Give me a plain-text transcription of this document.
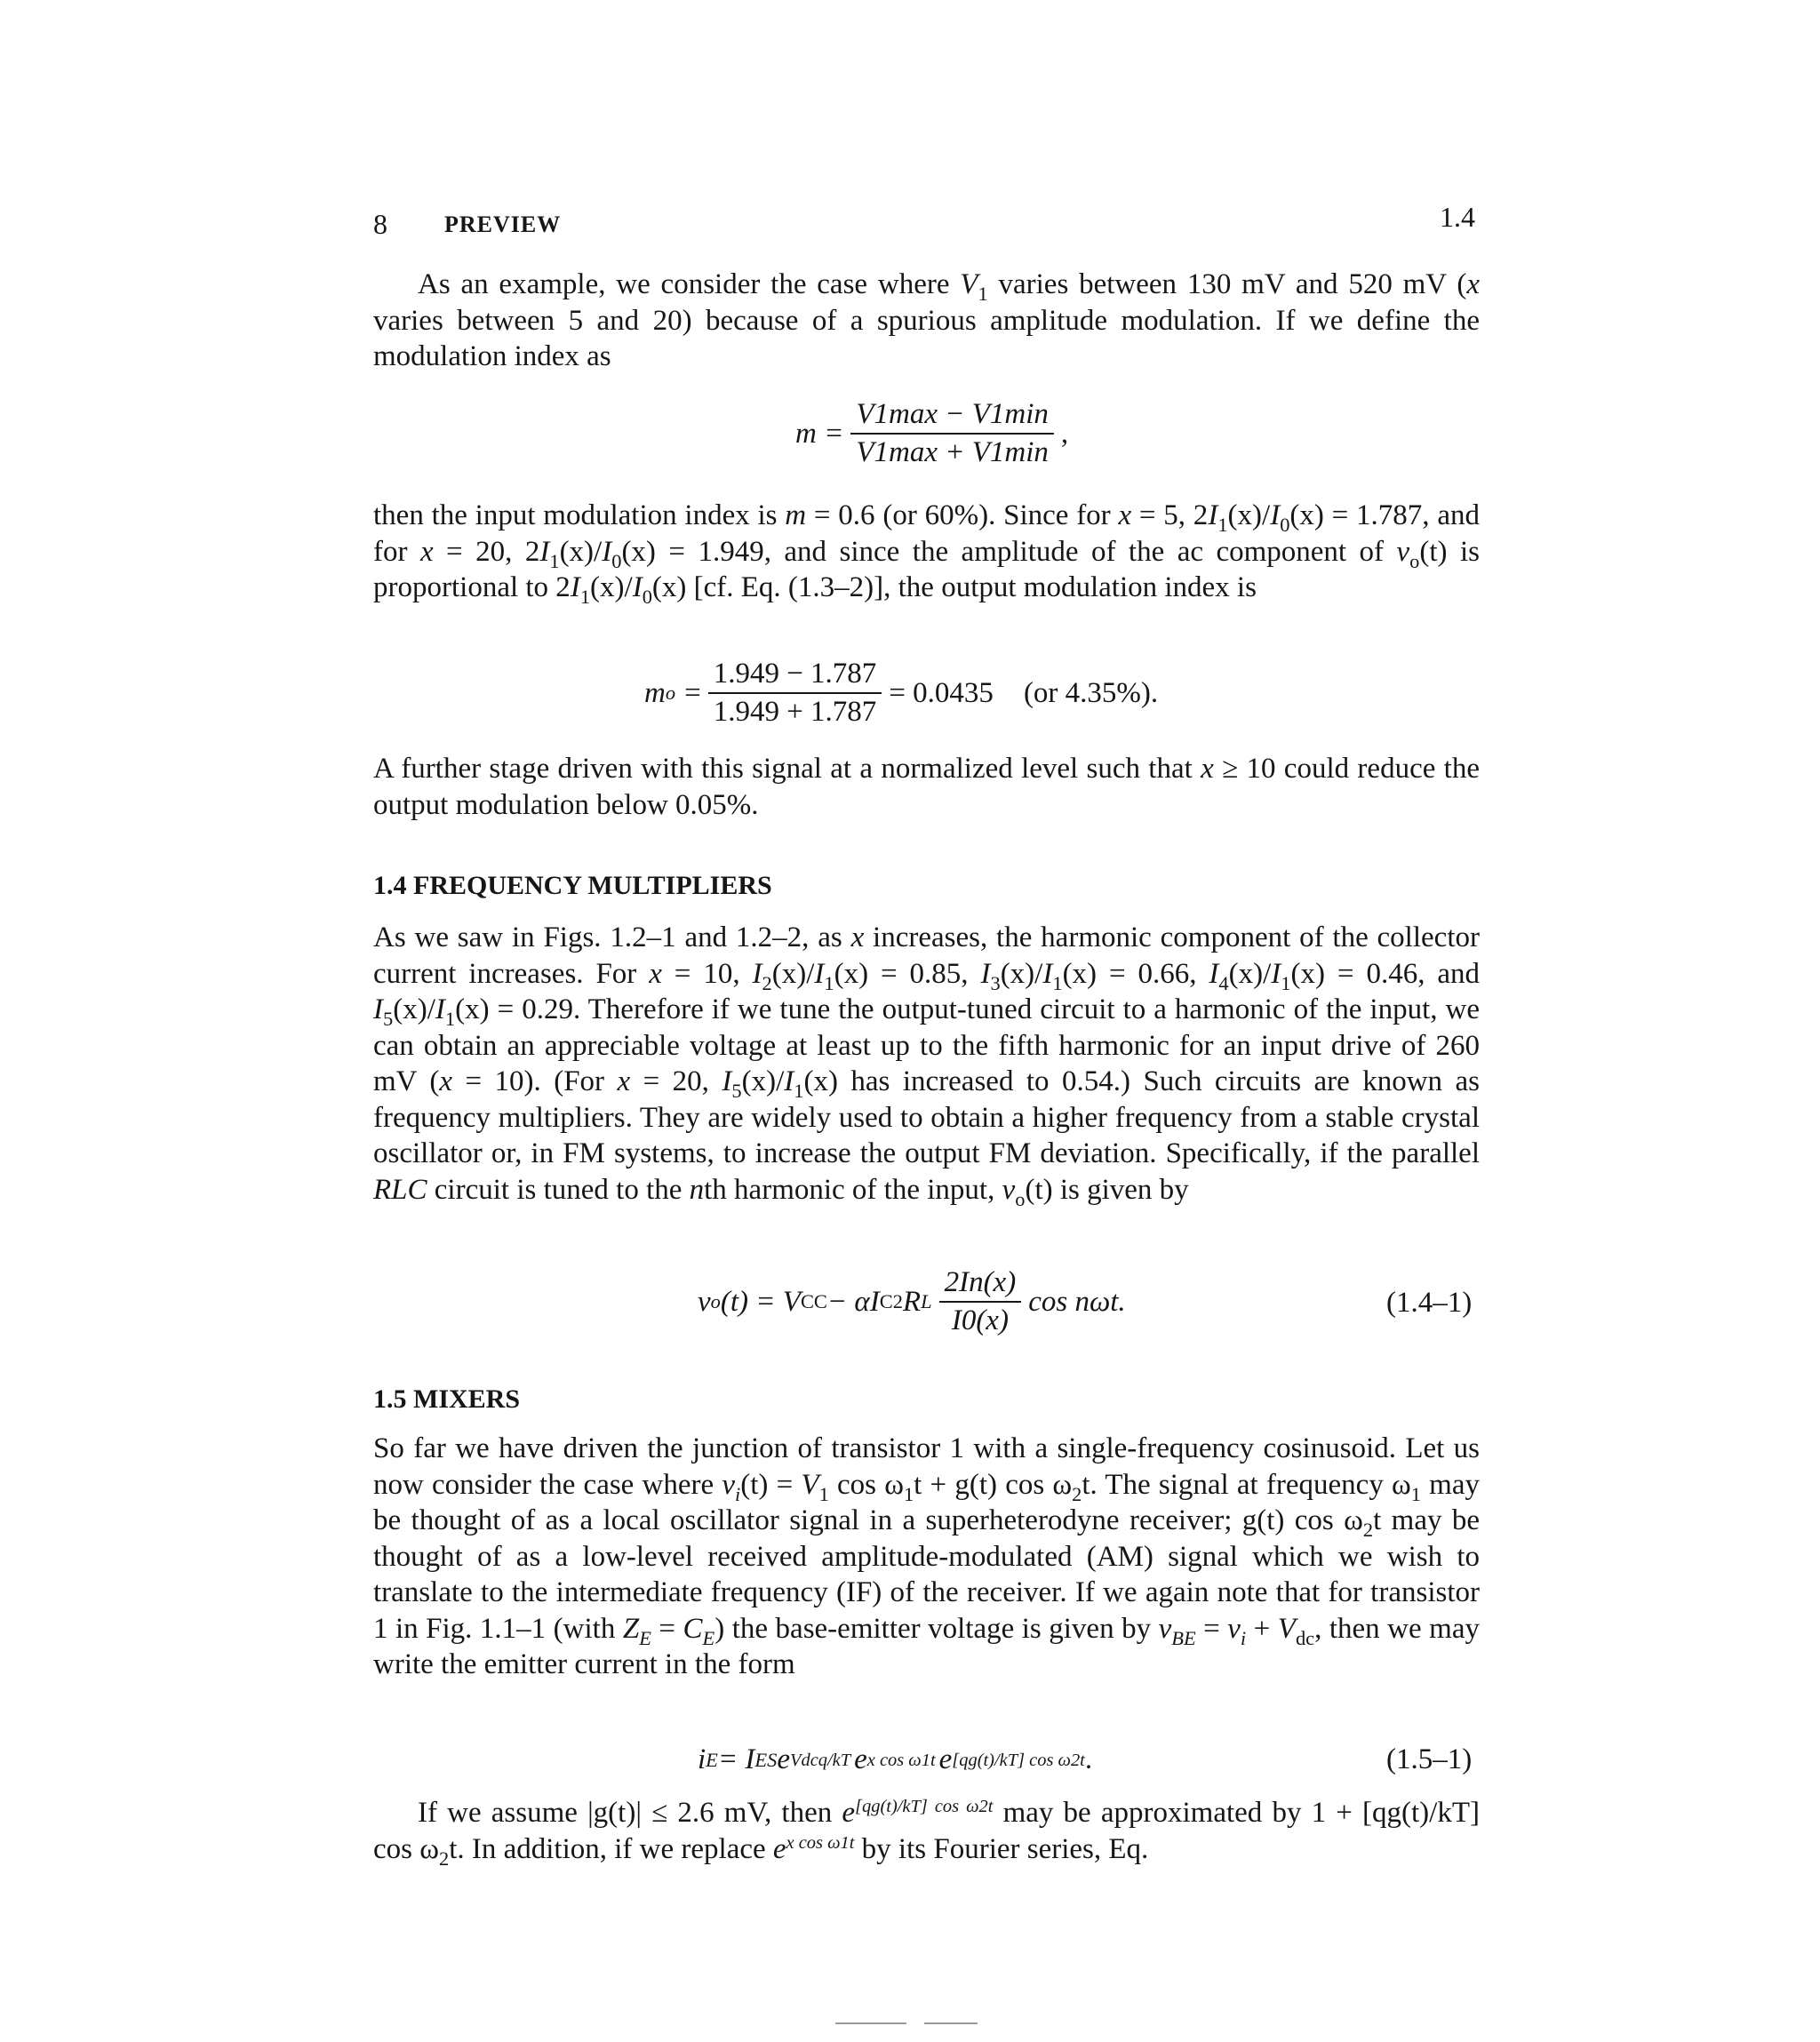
8 PREVIEW	1.4

As an example, we consider the case where $V_1$ varies between 130 mV and 520 mV (x varies between 5 and 20) because of a spurious amplitude modulation. If we define the modulation index as

$m = \frac{V1\max - V1\min}{V1\max + V1\min}$ ,

then the input modulation index is m = 0.6 (or 60%). Since for x = 5, $2I_1(x)/I_0(x) = 1.787$, and for x = 20, $2I_1(x)/I_0(x) = 1.949$, and since the amplitude of the ac component of $v_o(t)$ is proportional to $2I_1(x)/I_0(x)$ [cf. Eq. (1.3–2)], the output modulation index is

m $o = \frac{1.949 - 1.787}{1.949 + 1.787} = 0.0435$ (or 4.35%).

A further stage driven with this signal at a normalized level such that x ≥ 10 could reduce the output modulation below 0.05%.

1.4 FREQUENCY MULTIPLIERS

As we saw in Figs. 1.2–1 and 1.2–2, as x increases, the harmonic component of the collector current increases. For x = 10, $I_2(x)/I_1(x) = 0.85$, $I_3(x)/I_1(x) = 0.66$, $I_4(x)/I_1(x) = 0.46$, and $I_5(x)/I_1(x) = 0.29$. Therefore if we tune the output-tuned circuit to a harmonic of the input, we can obtain an appreciable voltage at least up to the fifth harmonic for an input drive of 260 mV (x = 10). (For x = 20, $I_5(x)/I_1(x)$ has increased to 0.54.) Such circuits are known as frequency multipliers. They are widely used to obtain a higher frequency from a stable crystal oscillator or, in FM systems, to increase the output FM deviation. Specifically, if the parallel RLC circuit is tuned to the nth harmonic of the input, $v_o(t)$ is given by

v o (t) = V CC − αI C2 R L $\frac{2In(x)}{I0(x)}$ cos nωt.	(1.4–1)
1.5 MIXERS

So far we have driven the junction of transistor 1 with a single-frequency cosinusoid. Let us now consider the case where $v_i(t) = V_1$ $\cos \omega_1t + g(t)$ $\cos \omega_2t$. The signal at frequency $\omega_1$ may be thought of as a local oscillator signal in a superheterodyne receiver; g(t) $\cos \omega_2t$ may be thought of as a low-level received amplitude-modulated (AM) signal which we wish to translate to the intermediate frequency (IF) of the receiver. If we again note that for transistor 1 in Fig. 1.1–1 (with $Z_E = C_E$) the base-emitter voltage is given by $v_{BE} = v_i + V_{dc}$, then we may write the emitter current in the form

i E = I ES e Vdcq/kT e x cos ω1t e [qg(t)/kT] cos ω2t .	(1.5–1)

If we assume |g(t)| ≤ 2.6 mV, then $e^{[qg(t)/kT] cos \omega 2t}$ may be approximated by 1 + [qg(t)/kT] $\cos \omega_2t$. In addition, if we replace $e^{x cos \omega 1t}$ by its Fourier series, Eq.
